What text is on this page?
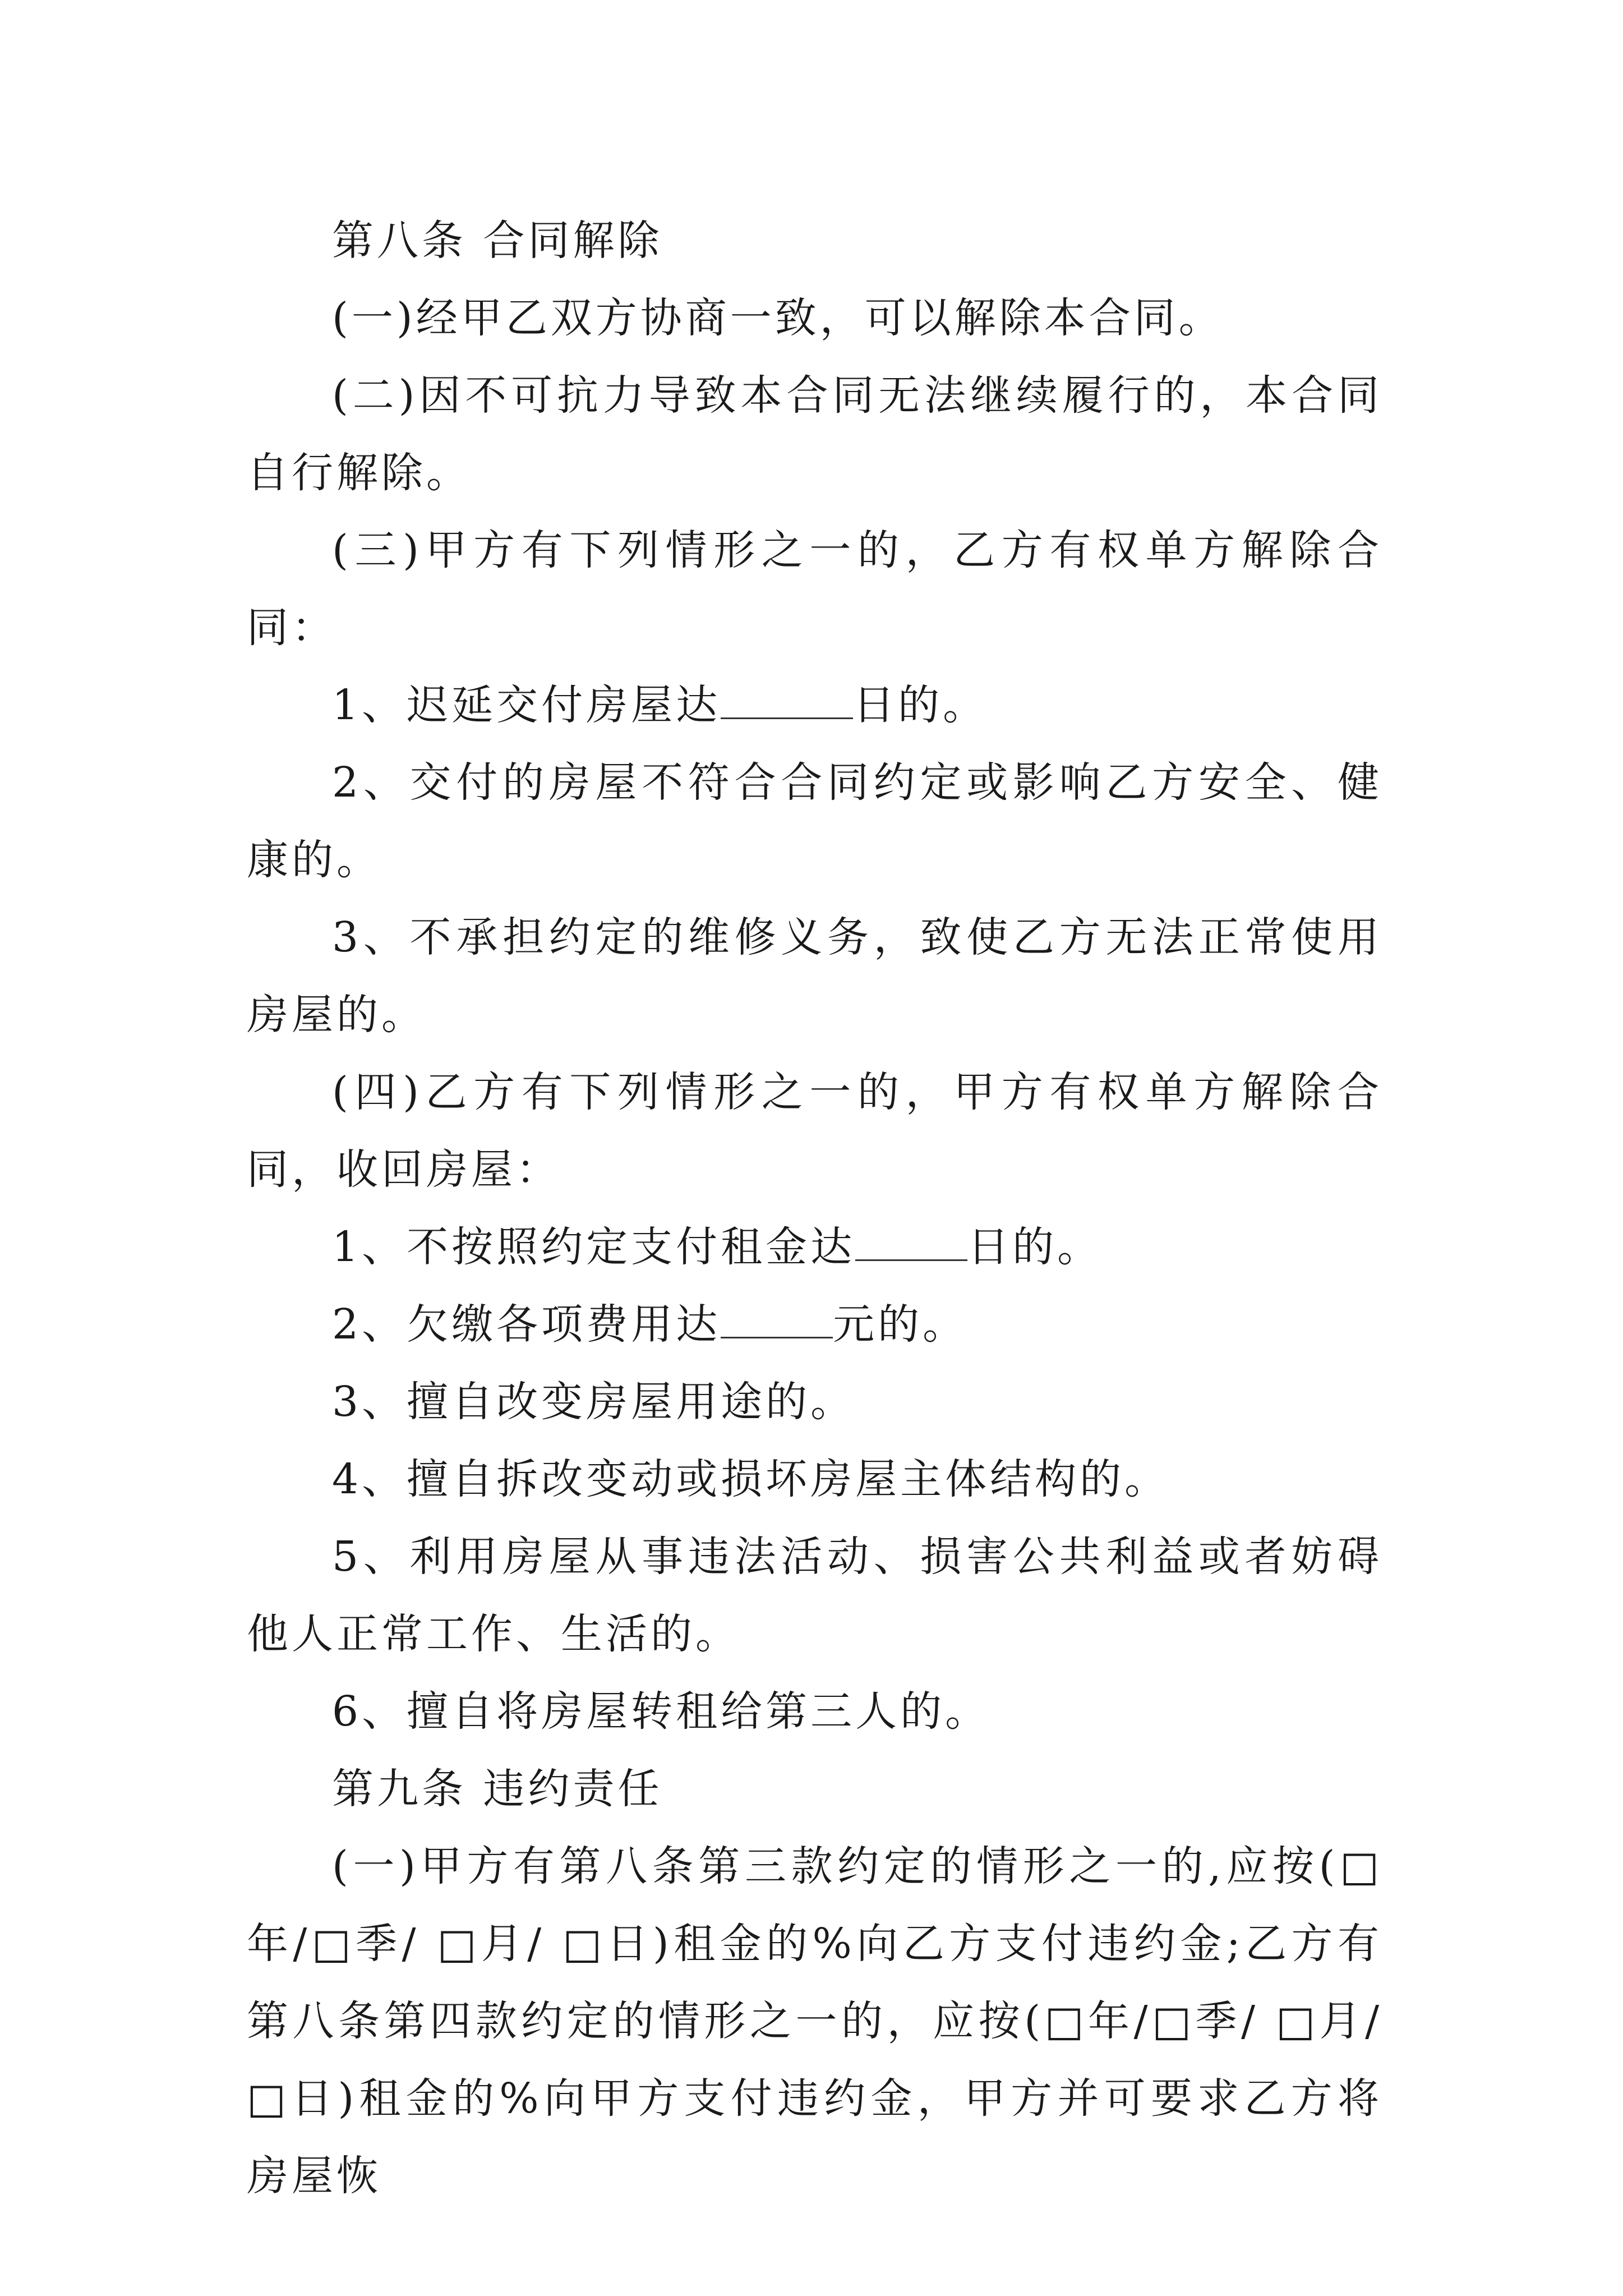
第八条 合同解除

(一)经甲乙双方协商一致，可以解除本合同。

(二)因不可抗力导致本合同无法继续履行的，本合同自行解除。

(三)甲方有下列情形之一的，乙方有权单方解除合同：

1、迟延交付房屋达	日的。

2、交付的房屋不符合合同约定或影响乙方安全、健康的。

3、不承担约定的维修义务，致使乙方无法正常使用房屋的。

(四)乙方有下列情形之一的，甲方有权单方解除合同，收回房屋：

1、不按照约定支付租金达	日的。

2、欠缴各项费用达	元的。

3、擅自改变房屋用途的。

4、擅自拆改变动或损坏房屋主体结构的。

5、利用房屋从事违法活动、损害公共利益或者妨碍他人正常工作、生活的。

6、擅自将房屋转租给第三人的。

第九条 违约责任

(一)甲方有第八条第三款约定的情形之一的,应按(□年/□季/ □月/ □日)租金的%向乙方支付违约金;乙方有第八条第四款约定的情形之一的，应按(□年/□季/ □月/ □日)租金的%向甲方支付违约金，甲方并可要求乙方将房屋恢
